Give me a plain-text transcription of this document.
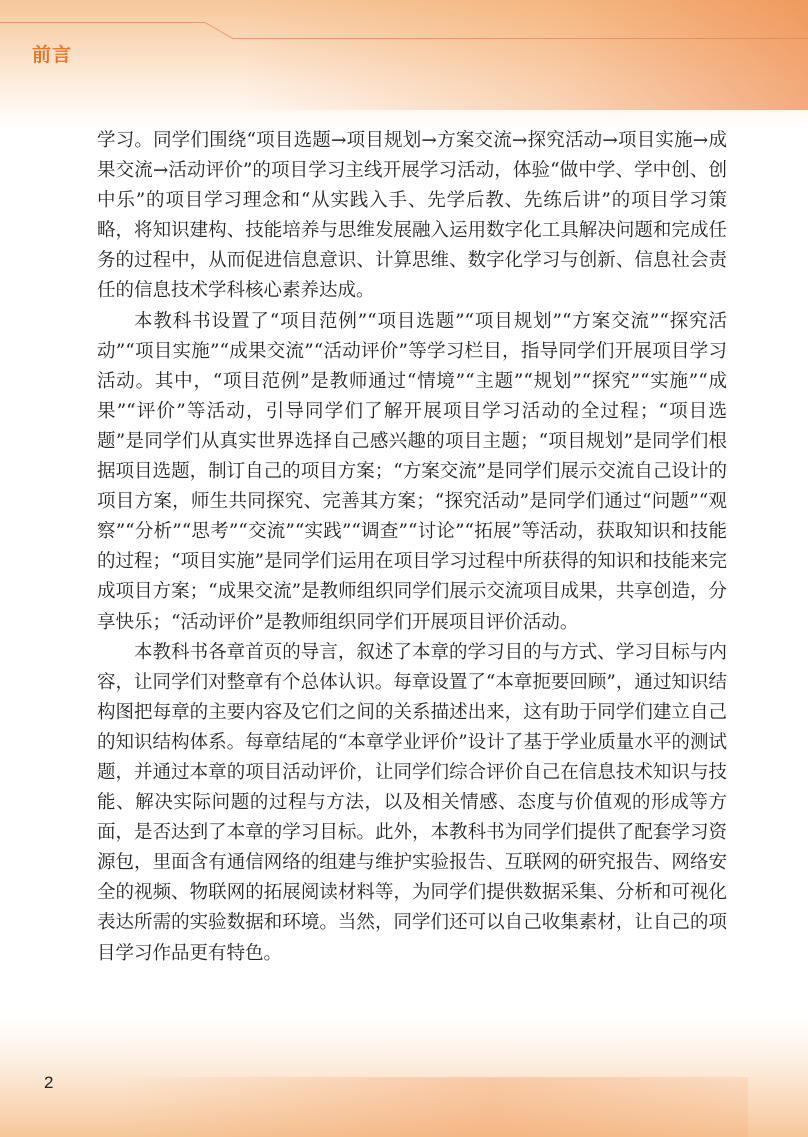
前言

学习。同学们围绕“项目选题→项目规划→方案交流→探究活动→项目实施→成果交流→活动评价”的项目学习主线开展学习活动，体验“做中学、学中创、创中乐”的项目学习理念和“从实践入手、先学后教、先练后讲”的项目学习策略，将知识建构、技能培养与思维发展融入运用数字化工具解决问题和完成任务的过程中，从而促进信息意识、计算思维、数字化学习与创新、信息社会责任的信息技术学科核心素养达成。

本教科书设置了“项目范例”“项目选题”“项目规划”“方案交流”“探究活动”“项目实施”“成果交流”“活动评价”等学习栏目，指导同学们开展项目学习活动。其中，“项目范例”是教师通过“情境”“主题”“规划”“探究”“实施”“成果”“评价”等活动，引导同学们了解开展项目学习活动的全过程；“项目选题”是同学们从真实世界选择自己感兴趣的项目主题；“项目规划”是同学们根据项目选题，制订自己的项目方案；“方案交流”是同学们展示交流自己设计的项目方案，师生共同探究、完善其方案；“探究活动”是同学们通过“问题”“观察”“分析”“思考”“交流”“实践”“调查”“讨论”“拓展”等活动，获取知识和技能的过程；“项目实施”是同学们运用在项目学习过程中所获得的知识和技能来完成项目方案；“成果交流”是教师组织同学们展示交流项目成果，共享创造，分享快乐；“活动评价”是教师组织同学们开展项目评价活动。

本教科书各章首页的导言，叙述了本章的学习目的与方式、学习目标与内容，让同学们对整章有个总体认识。每章设置了“本章扼要回顾”，通过知识结构图把每章的主要内容及它们之间的关系描述出来，这有助于同学们建立自己的知识结构体系。每章结尾的“本章学业评价”设计了基于学业质量水平的测试题，并通过本章的项目活动评价，让同学们综合评价自己在信息技术知识与技能、解决实际问题的过程与方法，以及相关情感、态度与价值观的形成等方面，是否达到了本章的学习目标。此外，本教科书为同学们提供了配套学习资源包，里面含有通信网络的组建与维护实验报告、互联网的研究报告、网络安全的视频、物联网的拓展阅读材料等，为同学们提供数据采集、分析和可视化表达所需的实验数据和环境。当然，同学们还可以自己收集素材，让自己的项目学习作品更有特色。

2
